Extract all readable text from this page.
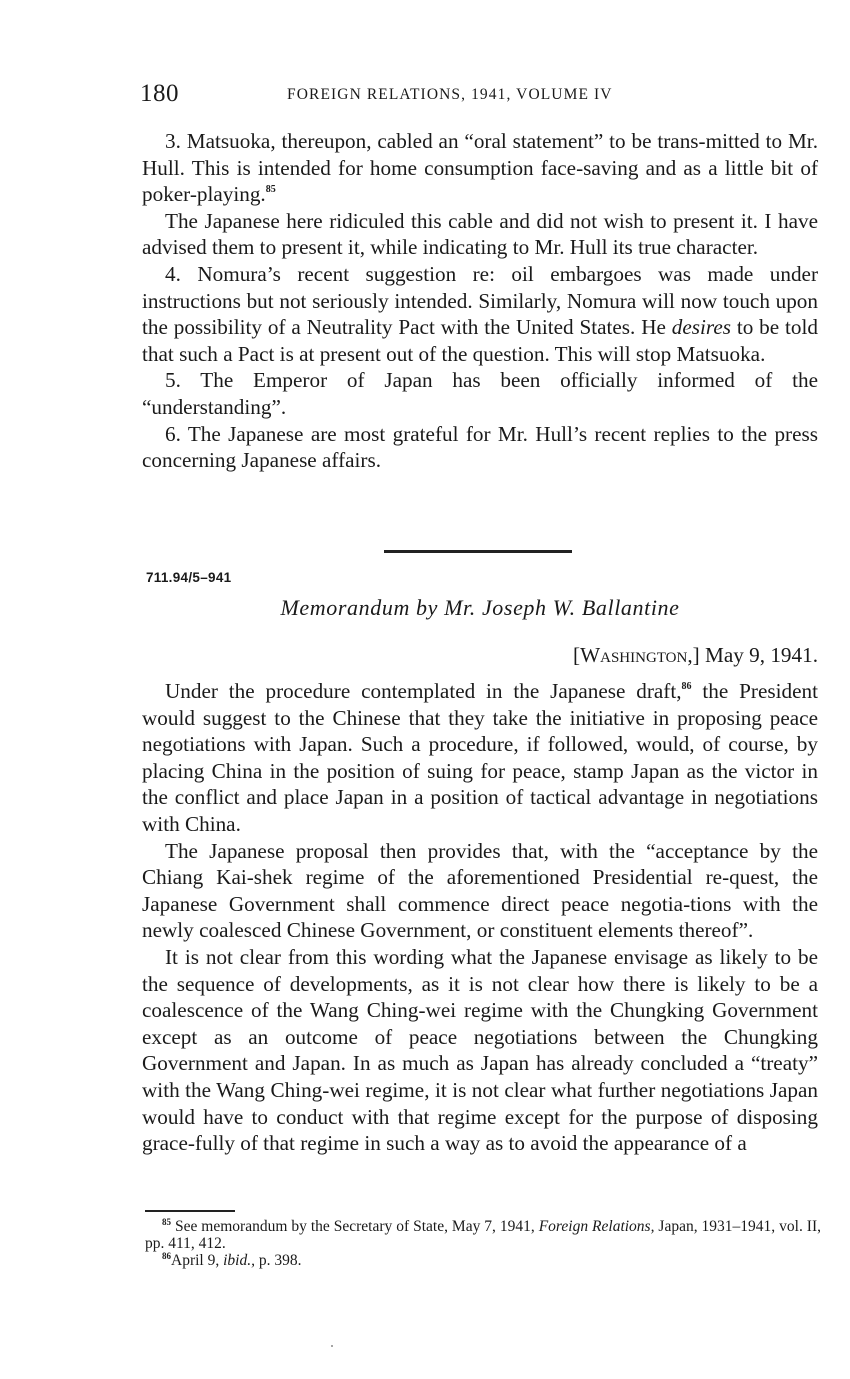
180	FOREIGN RELATIONS, 1941, VOLUME IV

3. Matsuoka, thereupon, cabled an “oral statement” to be trans-mitted to Mr. Hull. This is intended for home consumption face-saving and as a little bit of poker-playing.$^{85}$

The Japanese here ridiculed this cable and did not wish to present it. I have advised them to present it, while indicating to Mr. Hull its true character.

4. Nomura’s recent suggestion re: oil embargoes was made under instructions but not seriously intended. Similarly, Nomura will now touch upon the possibility of a Neutrality Pact with the United States. He desires to be told that such a Pact is at present out of the question. This will stop Matsuoka.

5. The Emperor of Japan has been officially informed of the “understanding”.

6. The Japanese are most grateful for Mr. Hull’s recent replies to the press concerning Japanese affairs.

711.94/5–941
Memorandum by Mr. Joseph W. Ballantine
[Washington,] May 9, 1941.

Under the procedure contemplated in the Japanese draft,$^{86}$ the President would suggest to the Chinese that they take the initiative in proposing peace negotiations with Japan. Such a procedure, if followed, would, of course, by placing China in the position of suing for peace, stamp Japan as the victor in the conflict and place Japan in a position of tactical advantage in negotiations with China.

The Japanese proposal then provides that, with the “acceptance by the Chiang Kai-shek regime of the aforementioned Presidential re-quest, the Japanese Government shall commence direct peace negotia-tions with the newly coalesced Chinese Government, or constituent elements thereof”.

It is not clear from this wording what the Japanese envisage as likely to be the sequence of developments, as it is not clear how there is likely to be a coalescence of the Wang Ching-wei regime with the Chungking Government except as an outcome of peace negotiations between the Chungking Government and Japan. In as much as Japan has already concluded a “treaty” with the Wang Ching-wei regime, it is not clear what further negotiations Japan would have to conduct with that regime except for the purpose of disposing grace-fully of that regime in such a way as to avoid the appearance of a

$^{85}$ See memorandum by the Secretary of State, May 7, 1941, Foreign Relations, Japan, 1931–1941, vol. II, pp. 411, 412.

$^{86}$April 9, ibid., p. 398.
